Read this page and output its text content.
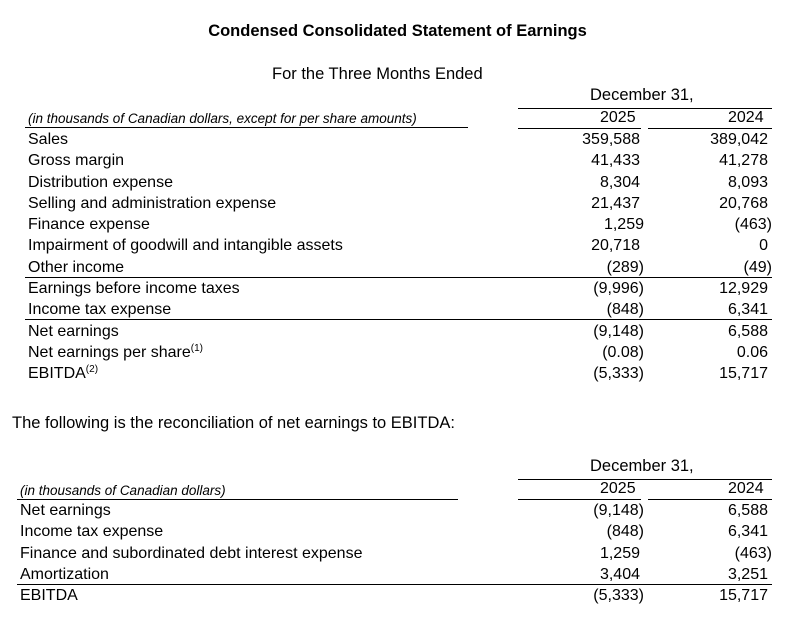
Condensed Consolidated Statement of Earnings
For the Three Months Ended
December 31,
(in thousands of Canadian dollars, except for per share amounts)	2025	2024
Sales	359,588	389,042
Gross margin	41,433	41,278
Distribution expense	8,304	8,093
Selling and administration expense	21,437	20,768
Finance expense	1,259	(463)
Impairment of goodwill and intangible assets	20,718	0
Other income	(289)	(49)
Earnings before income taxes	(9,996)	12,929
Income tax expense	(848)	6,341
Net earnings	(9,148)	6,588
Net earnings per share$^{(1)}$	(0.08)	0.06
EBITDA$^{(2)}$	(5,333)	15,717
The following is the reconciliation of net earnings to EBITDA:
December 31,
(in thousands of Canadian dollars)	2025	2024
Net earnings	(9,148)	6,588
Income tax expense	(848)	6,341
Finance and subordinated debt interest expense	1,259	(463)
Amortization	3,404	3,251
EBITDA	(5,333)	15,717
